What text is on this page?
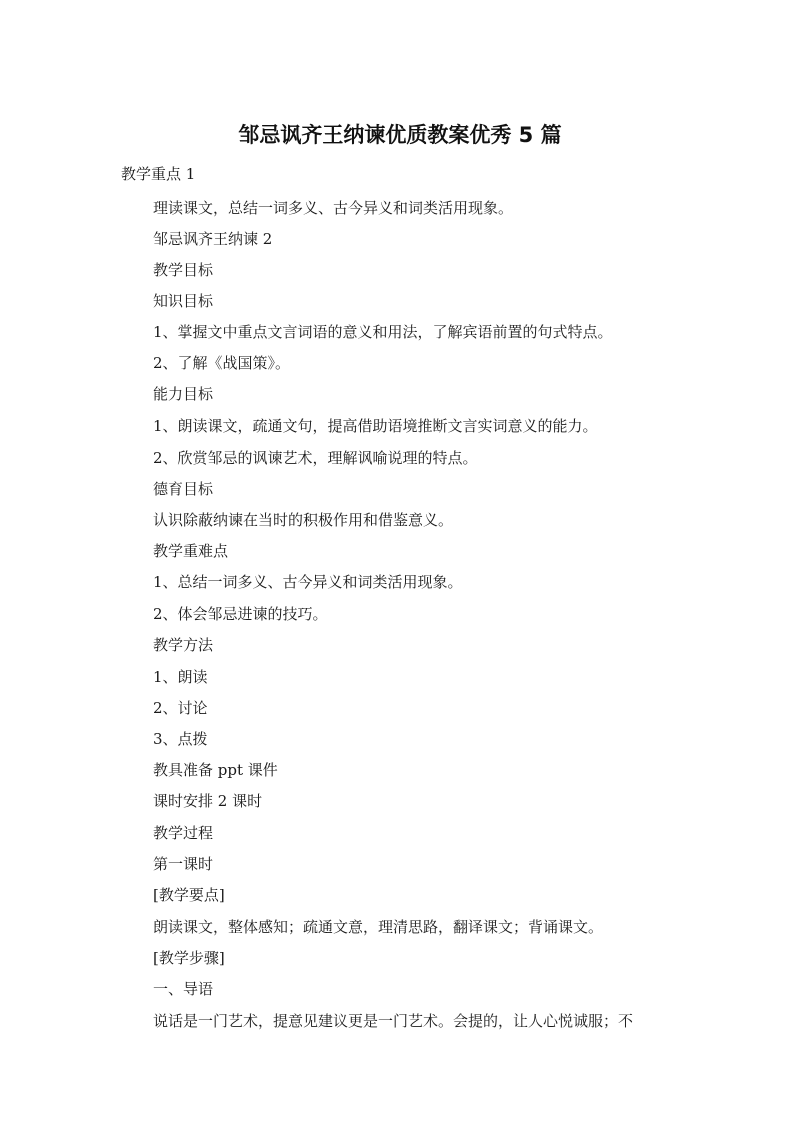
邹忌讽齐王纳谏优质教案优秀 5 篇
教学重点 1
理读课文，总结一词多义、古今异义和词类活用现象。
邹忌讽齐王纳谏 2
教学目标
知识目标
1、掌握文中重点文言词语的意义和用法，了解宾语前置的句式特点。
2、了解《战国策》。
能力目标
1、朗读课文，疏通文句，提高借助语境推断文言实词意义的能力。
2、欣赏邹忌的讽谏艺术，理解讽喻说理的特点。
德育目标
认识除蔽纳谏在当时的积极作用和借鉴意义。
教学重难点
1、总结一词多义、古今异义和词类活用现象。
2、体会邹忌进谏的技巧。
教学方法
1、朗读
2、讨论
3、点拨
教具准备 ppt 课件
课时安排 2 课时
教学过程
第一课时
[教学要点]
朗读课文，整体感知；疏通文意，理清思路，翻译课文；背诵课文。
[教学步骤]
一、导语
说话是一门艺术，提意见建议更是一门艺术。会提的，让人心悦诚服；不
